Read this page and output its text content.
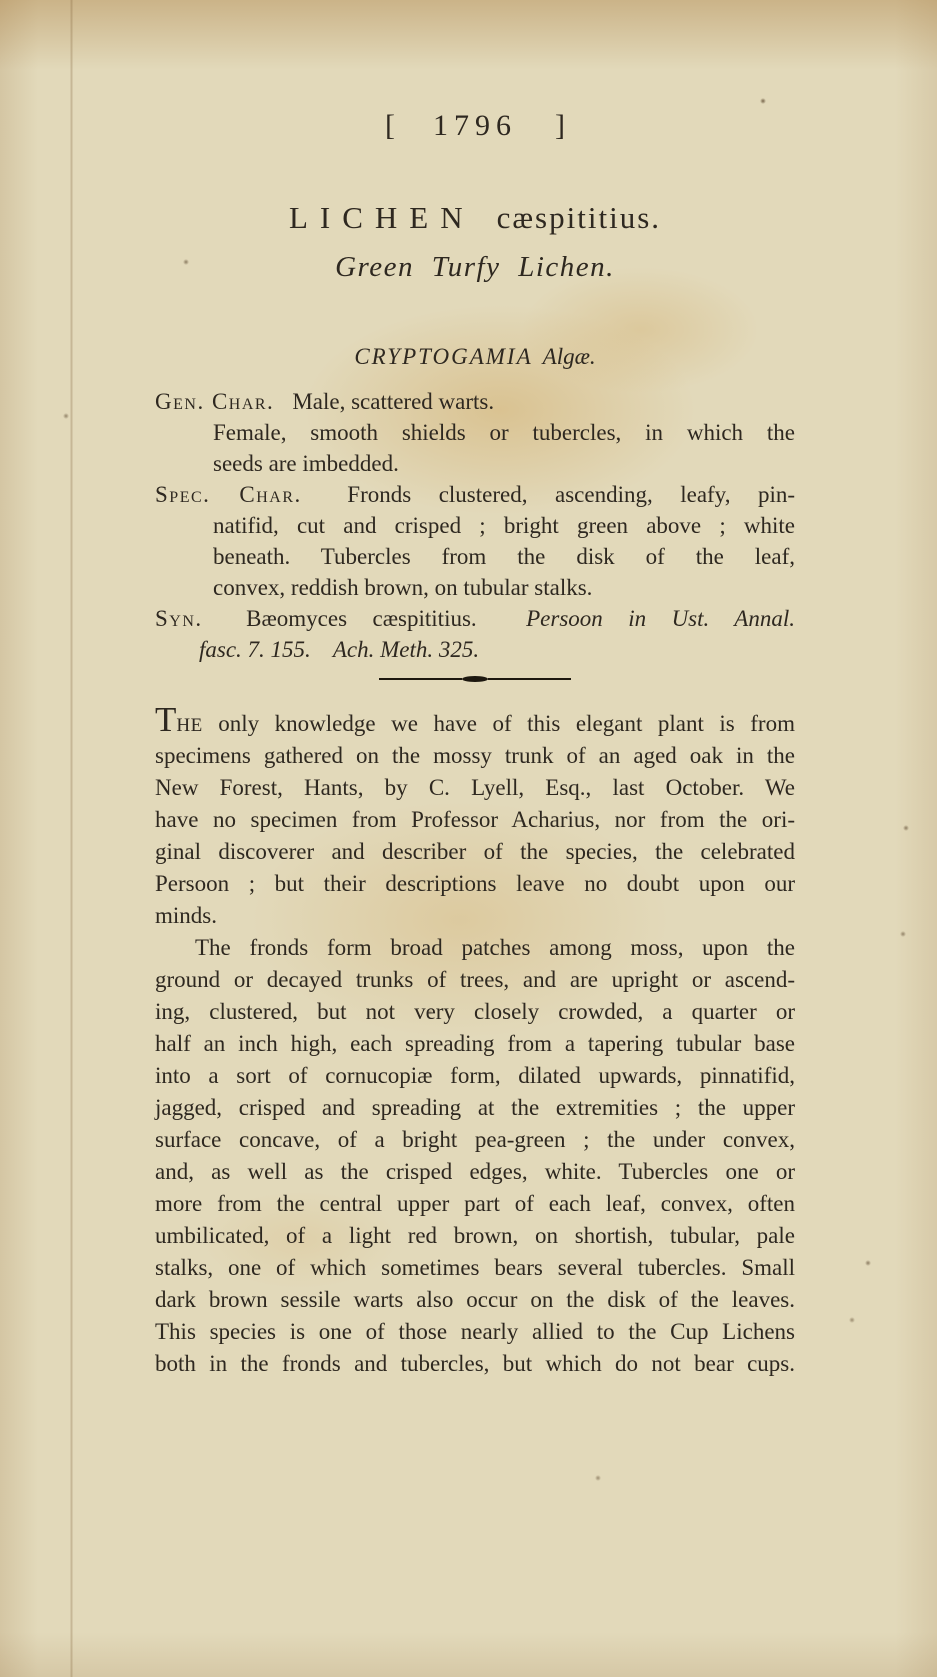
[ 1796 ]
LICHEN cæspititius.
Green Turfy Lichen.
CRYPTOGAMIA Algæ.
Gen. Char. Male, scattered warts.
Female, smooth shields or tubercles, in which the
seeds are imbedded.
Spec. Char. Fronds clustered, ascending, leafy, pin-
natifid, cut and crisped ; bright green above ; white
beneath. Tubercles from the disk of the leaf,
convex, reddish brown, on tubular stalks.
Syn. Bæomyces cæspititius. Persoon in Ust. Annal.
fasc. 7. 155. Ach. Meth. 325.
THE only knowledge we have of this elegant plant is from
specimens gathered on the mossy trunk of an aged oak in the
New Forest, Hants, by C. Lyell, Esq., last October. We
have no specimen from Professor Acharius, nor from the ori-
ginal discoverer and describer of the species, the celebrated
Persoon ; but their descriptions leave no doubt upon our
minds.
The fronds form broad patches among moss, upon the
ground or decayed trunks of trees, and are upright or ascend-
ing, clustered, but not very closely crowded, a quarter or
half an inch high, each spreading from a tapering tubular base
into a sort of cornucopiæ form, dilated upwards, pinnatifid,
jagged, crisped and spreading at the extremities ; the upper
surface concave, of a bright pea-green ; the under convex,
and, as well as the crisped edges, white. Tubercles one or
more from the central upper part of each leaf, convex, often
umbilicated, of a light red brown, on shortish, tubular, pale
stalks, one of which sometimes bears several tubercles. Small
dark brown sessile warts also occur on the disk of the leaves.
This species is one of those nearly allied to the Cup Lichens
both in the fronds and tubercles, but which do not bear cups.
